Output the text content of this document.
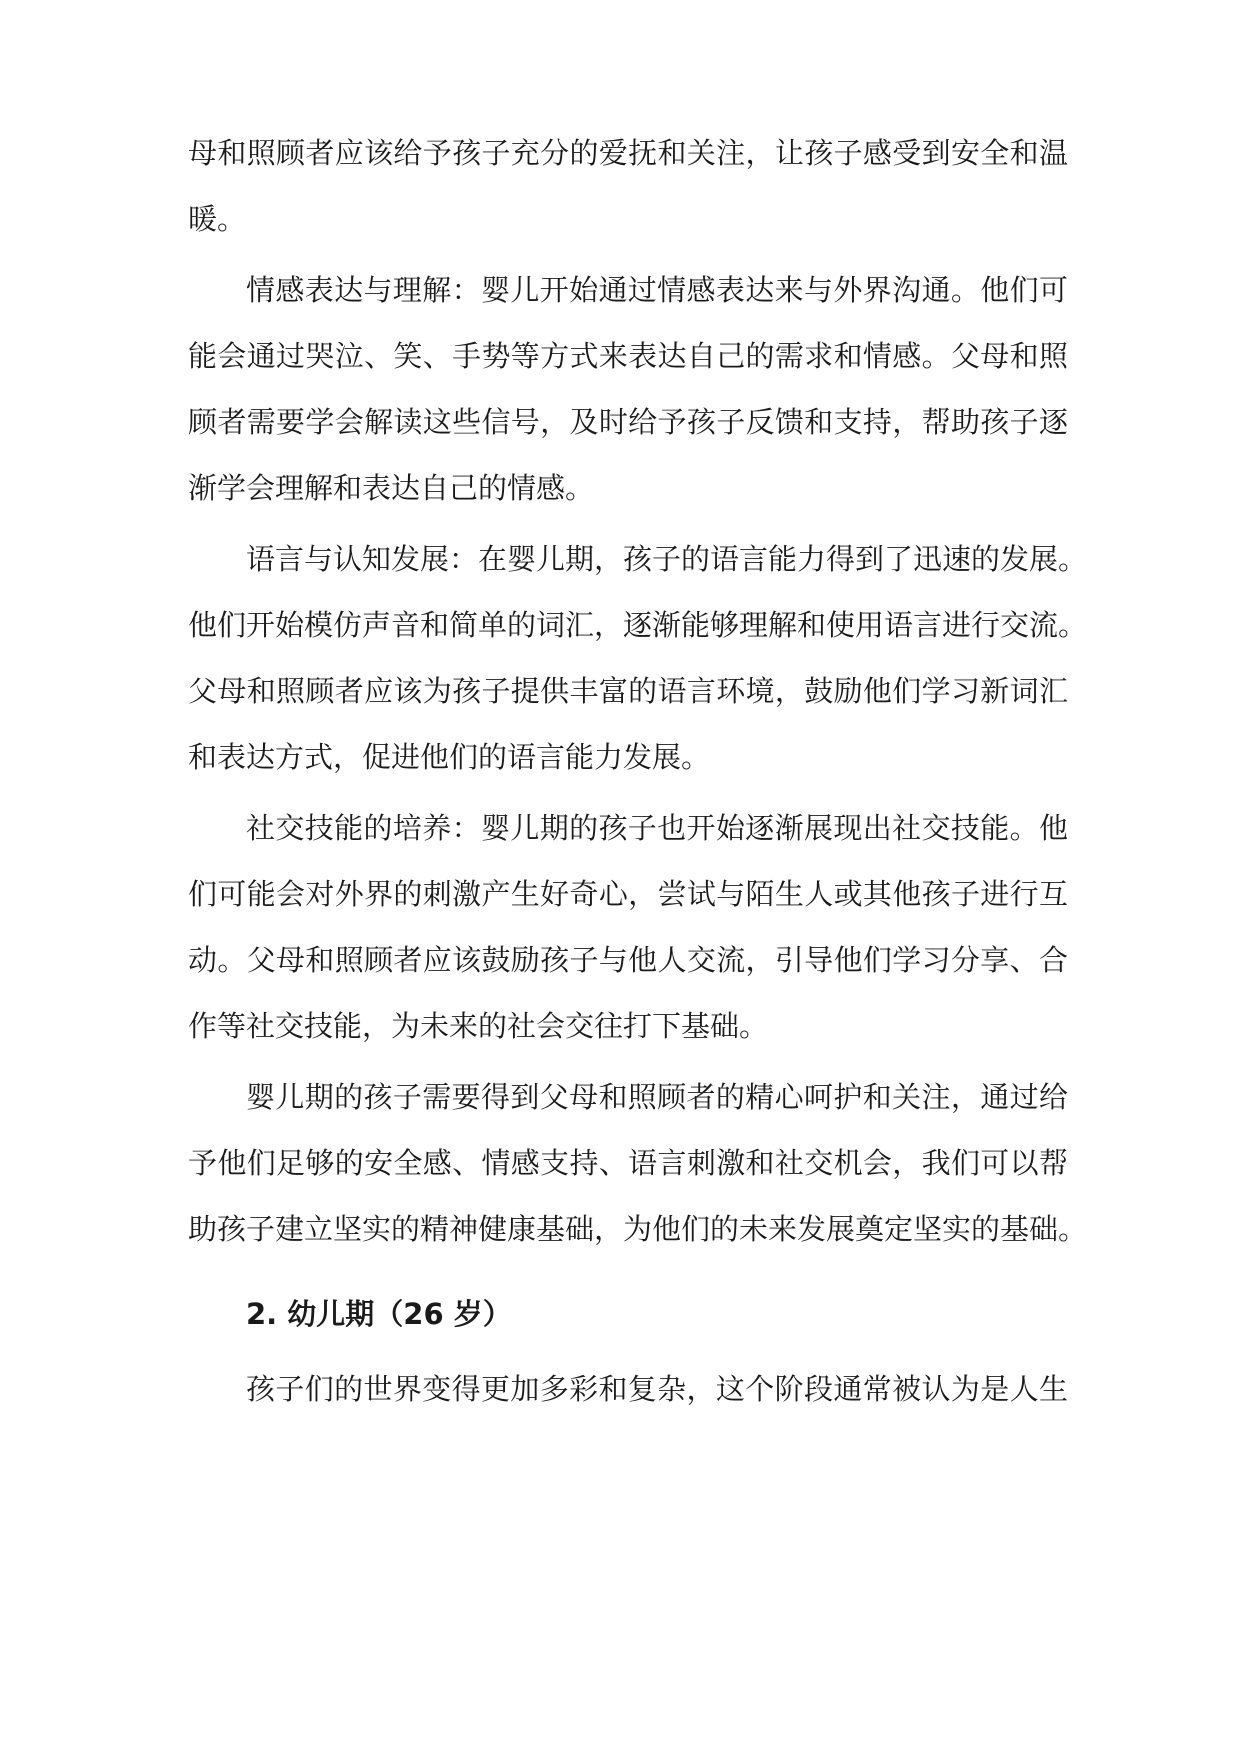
母和照顾者应该给予孩子充分的爱抚和关注，让孩子感受到安全和温
暖。
情感表达与理解：婴儿开始通过情感表达来与外界沟通。他们可
能会通过哭泣、笑、手势等方式来表达自己的需求和情感。父母和照
顾者需要学会解读这些信号，及时给予孩子反馈和支持，帮助孩子逐
渐学会理解和表达自己的情感。
语言与认知发展：在婴儿期，孩子的语言能力得到了迅速的发展。
他们开始模仿声音和简单的词汇，逐渐能够理解和使用语言进行交流。
父母和照顾者应该为孩子提供丰富的语言环境，鼓励他们学习新词汇
和表达方式，促进他们的语言能力发展。
社交技能的培养：婴儿期的孩子也开始逐渐展现出社交技能。他
们可能会对外界的刺激产生好奇心，尝试与陌生人或其他孩子进行互
动。父母和照顾者应该鼓励孩子与他人交流，引导他们学习分享、合
作等社交技能，为未来的社会交往打下基础。
婴儿期的孩子需要得到父母和照顾者的精心呵护和关注，通过给
予他们足够的安全感、情感支持、语言刺激和社交机会，我们可以帮
助孩子建立坚实的精神健康基础，为他们的未来发展奠定坚实的基础。
2. 幼儿期（26 岁）
孩子们的世界变得更加多彩和复杂，这个阶段通常被认为是人生
